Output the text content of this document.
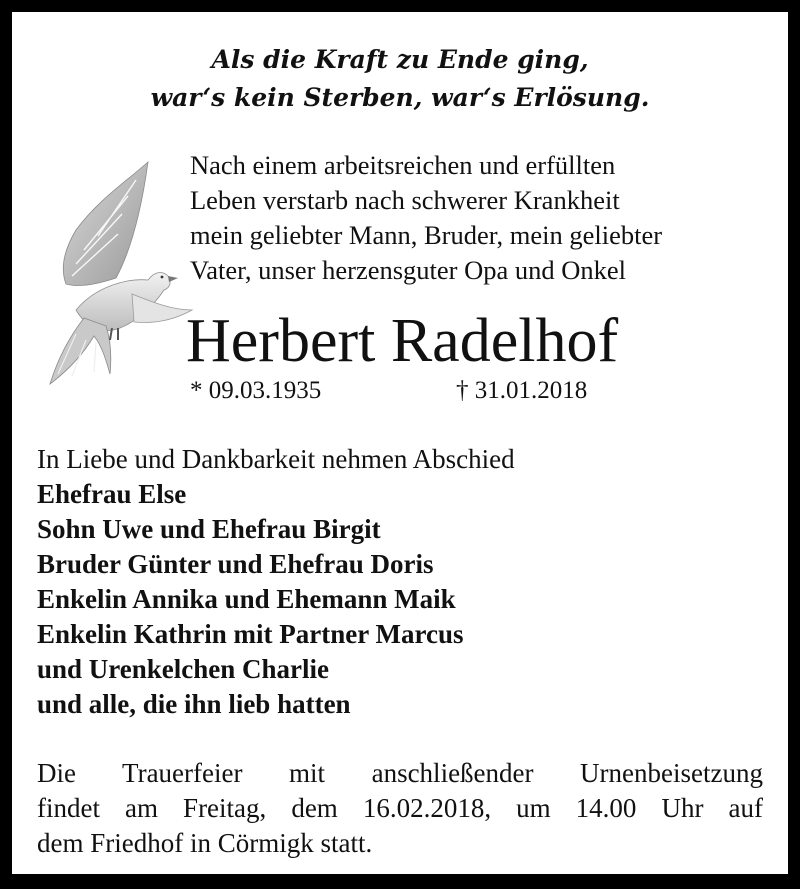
Als die Kraft zu Ende ging,
war‘s kein Sterben, war‘s Erlösung.
Nach einem arbeitsreichen und erfüllten
Leben verstarb nach schwerer Krankheit
mein geliebter Mann, Bruder, mein geliebter
Vater, unser herzensguter Opa und Onkel
Herbert Radelhof
* 09.03.1935	† 31.01.2018
In Liebe und Dankbarkeit nehmen Abschied
Ehefrau Else
Sohn Uwe und Ehefrau Birgit
Bruder Günter und Ehefrau Doris
Enkelin Annika und Ehemann Maik
Enkelin Kathrin mit Partner Marcus
und Urenkelchen Charlie
und alle, die ihn lieb hatten
Die Trauerfeier mit anschließender Urnenbeisetzung
findet am Freitag, dem 16.02.2018, um 14.00 Uhr auf
dem Friedhof in Cörmigk statt.
